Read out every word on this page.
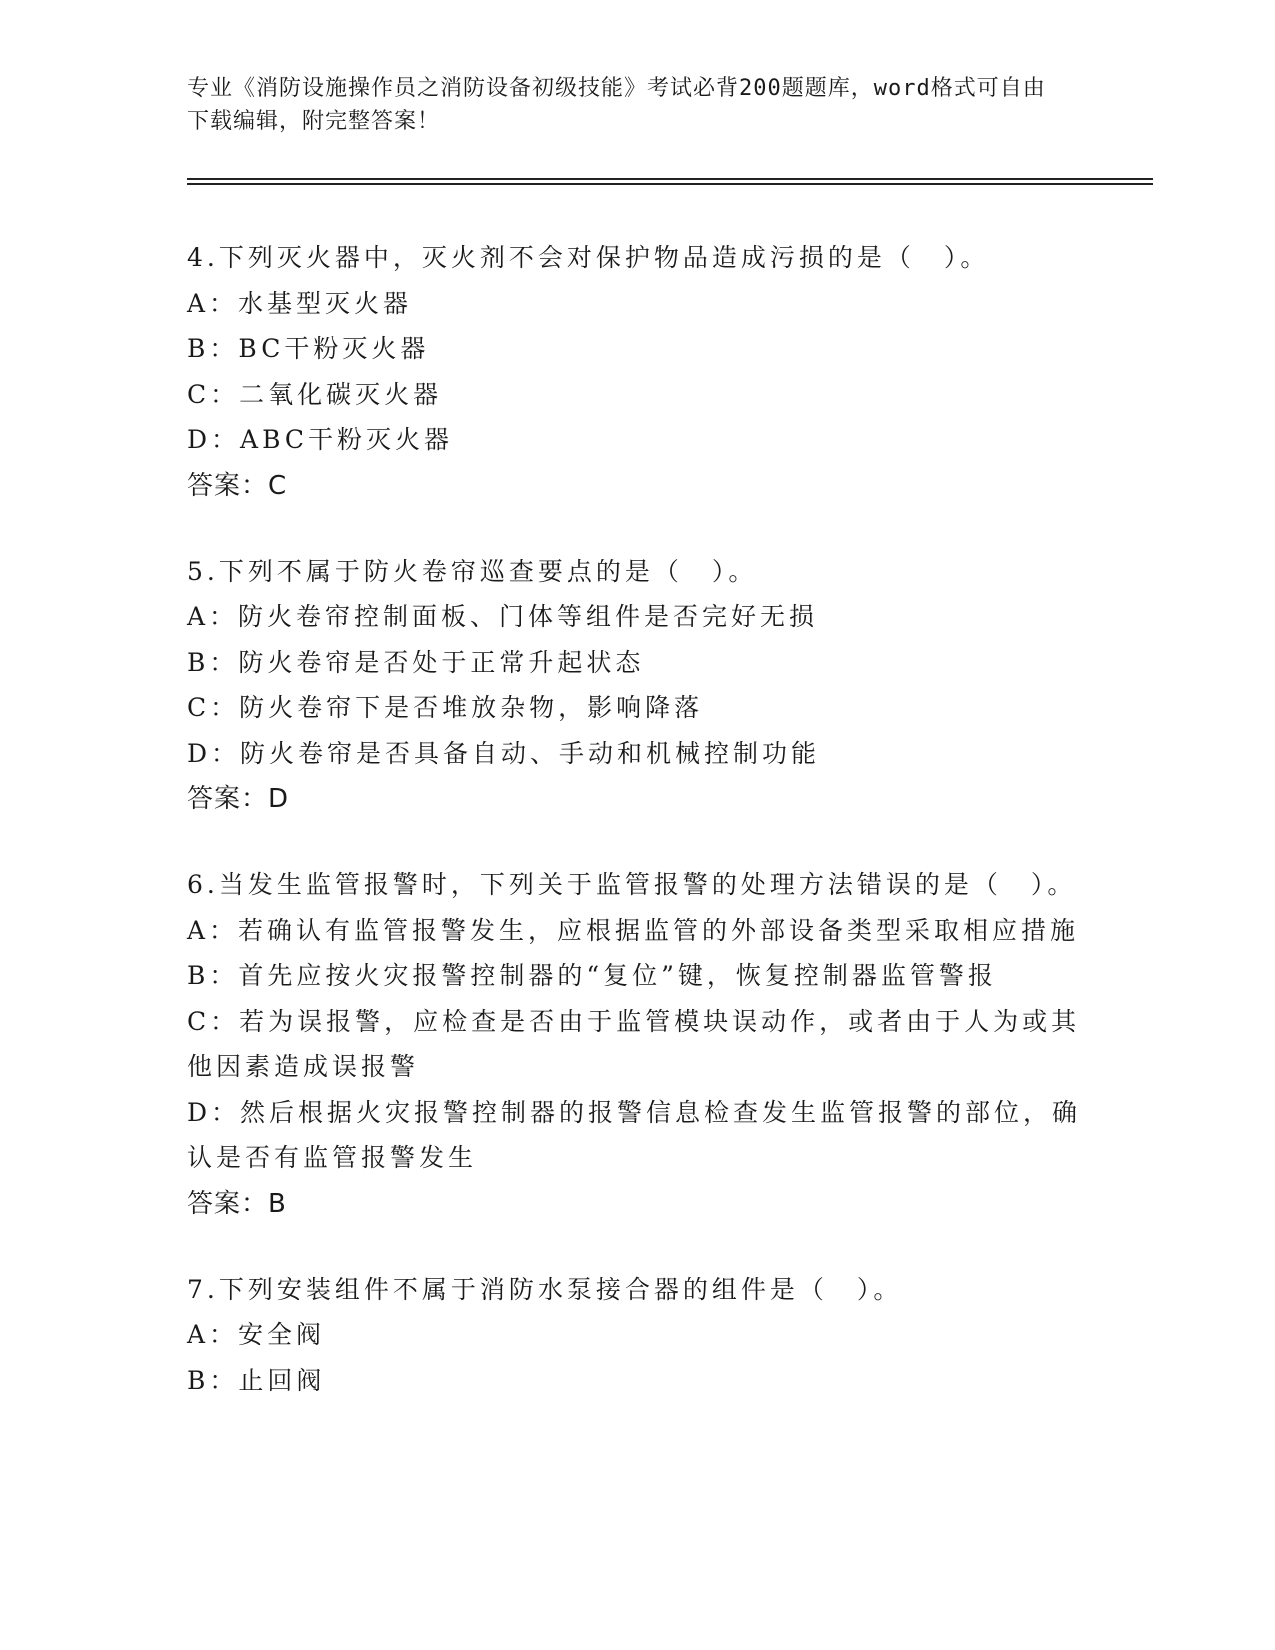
专业《消防设施操作员之消防设备初级技能》考试必背200题题库，word格式可自由下载编辑，附完整答案！
4.下列灭火器中，灭火剂不会对保护物品造成污损的是（　）。
A：水基型灭火器
B：BC干粉灭火器
C：二氧化碳灭火器
D：ABC干粉灭火器
答案：C
5.下列不属于防火卷帘巡查要点的是（　）。
A：防火卷帘控制面板、门体等组件是否完好无损
B：防火卷帘是否处于正常升起状态
C：防火卷帘下是否堆放杂物，影响降落
D：防火卷帘是否具备自动、手动和机械控制功能
答案：D
6.当发生监管报警时，下列关于监管报警的处理方法错误的是（　）。
A：若确认有监管报警发生，应根据监管的外部设备类型采取相应措施
B：首先应按火灾报警控制器的“复位”键，恢复控制器监管警报
C：若为误报警，应检查是否由于监管模块误动作，或者由于人为或其他因素造成误报警
D：然后根据火灾报警控制器的报警信息检查发生监管报警的部位，确认是否有监管报警发生
答案：B
7.下列安装组件不属于消防水泵接合器的组件是（　）。
A：安全阀
B：止回阀
